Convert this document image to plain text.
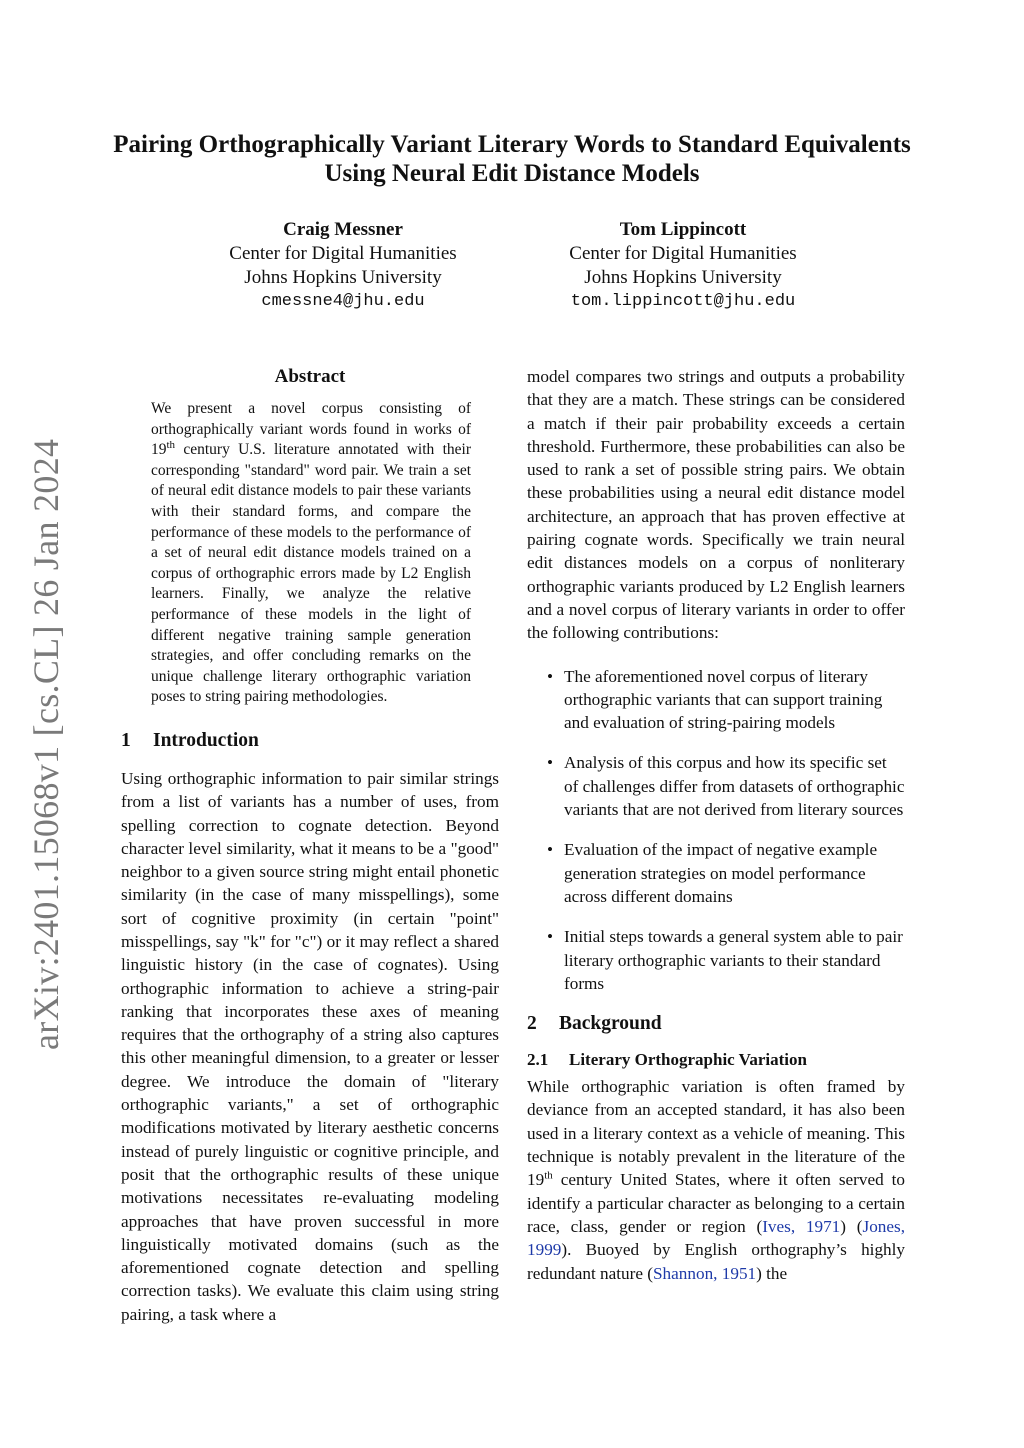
arXiv:2401.15068v1 [cs.CL] 26 Jan 2024
Pairing Orthographically Variant Literary Words to Standard Equivalents Using Neural Edit Distance Models
Craig Messner
Center for Digital Humanities
Johns Hopkins University
cmessne4@jhu.edu
Tom Lippincott
Center for Digital Humanities
Johns Hopkins University
tom.lippincott@jhu.edu
Abstract
We present a novel corpus consisting of orthographically variant words found in works of 19th century U.S. literature annotated with their corresponding "standard" word pair. We train a set of neural edit distance models to pair these variants with their standard forms, and compare the performance of these models to the performance of a set of neural edit distance models trained on a corpus of orthographic errors made by L2 English learners. Finally, we analyze the relative performance of these models in the light of different negative training sample generation strategies, and offer concluding remarks on the unique challenge literary orthographic variation poses to string pairing methodologies.
1 Introduction

Using orthographic information to pair similar strings from a list of variants has a number of uses, from spelling correction to cognate detection. Beyond character level similarity, what it means to be a "good" neighbor to a given source string might entail phonetic similarity (in the case of many misspellings), some sort of cognitive proximity (in certain "point" misspellings, say "k" for "c") or it may reflect a shared linguistic history (in the case of cognates). Using orthographic information to achieve a string-pair ranking that incorporates these axes of meaning requires that the orthography of a string also captures this other meaningful dimension, to a greater or lesser degree. We introduce the domain of "literary orthographic variants," a set of orthographic modifications motivated by literary aesthetic concerns instead of purely linguistic or cognitive principle, and posit that the orthographic results of these unique motivations necessitates re-evaluating modeling approaches that have proven successful in more linguistically motivated domains (such as the aforementioned cognate detection and spelling correction tasks). We evaluate this claim using string pairing, a task where a

model compares two strings and outputs a probability that they are a match. These strings can be considered a match if their pair probability exceeds a certain threshold. Furthermore, these probabilities can also be used to rank a set of possible string pairs. We obtain these probabilities using a neural edit distance model architecture, an approach that has proven effective at pairing cognate words. Specifically we train neural edit distances models on a corpus of nonliterary orthographic variants produced by L2 English learners and a novel corpus of literary variants in order to offer the following contributions:

• The aforementioned novel corpus of literary orthographic variants that can support training and evaluation of string-pairing models
• Analysis of this corpus and how its specific set of challenges differ from datasets of orthographic variants that are not derived from literary sources
• Evaluation of the impact of negative example generation strategies on model performance across different domains
• Initial steps towards a general system able to pair literary orthographic variants to their standard forms
2 Background
2.1 Literary Orthographic Variation

While orthographic variation is often framed by deviance from an accepted standard, it has also been used in a literary context as a vehicle of meaning. This technique is notably prevalent in the literature of the 19th century United States, where it often served to identify a particular character as belonging to a certain race, class, gender or region (Ives, 1971) (Jones, 1999). Buoyed by English orthography’s highly redundant nature (Shannon, 1951) the
